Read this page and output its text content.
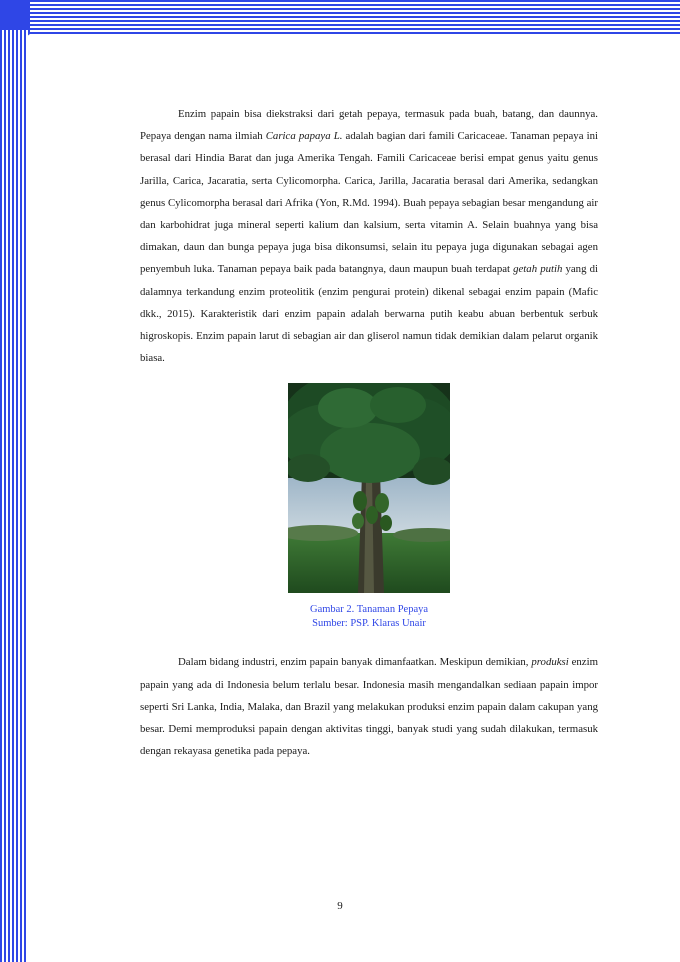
Enzim papain bisa diekstraksi dari getah pepaya, termasuk pada buah, batang, dan daunnya. Pepaya dengan nama ilmiah Carica papaya L. adalah bagian dari famili Caricaceae. Tanaman pepaya ini berasal dari Hindia Barat dan juga Amerika Tengah. Famili Caricaceae berisi empat genus yaitu genus Jarilla, Carica, Jacaratia, serta Cylicomorpha. Carica, Jarilla, Jacaratia berasal dari Amerika, sedangkan genus Cylicomorpha berasal dari Afrika (Yon, R.Md. 1994). Buah pepaya sebagian besar mengandung air dan karbohidrat juga mineral seperti kalium dan kalsium, serta vitamin A. Selain buahnya yang bisa dimakan, daun dan bunga pepaya juga bisa dikonsumsi, selain itu pepaya juga digunakan sebagai agen penyembuh luka. Tanaman pepaya baik pada batangnya, daun maupun buah terdapat getah putih yang di dalamnya terkandung enzim proteolitik (enzim pengurai protein) dikenal sebagai enzim papain (Mafic dkk., 2015). Karakteristik dari enzim papain adalah berwarna putih keabu abuan berbentuk serbuk higroskopis. Enzim papain larut di sebagian air dan gliserol namun tidak demikian dalam pelarut organik biasa.

Gambar 2. Tanaman Pepaya
Sumber: PSP. Klaras Unair

Dalam bidang industri, enzim papain banyak dimanfaatkan. Meskipun demikian, produksi enzim papain yang ada di Indonesia belum terlalu besar. Indonesia masih mengandalkan sediaan papain impor seperti Sri Lanka, India, Malaka, dan Brazil yang melakukan produksi enzim papain dalam cakupan yang besar. Demi memproduksi papain dengan aktivitas tinggi, banyak studi yang sudah dilakukan, termasuk dengan rekayasa genetika pada pepaya.

9
